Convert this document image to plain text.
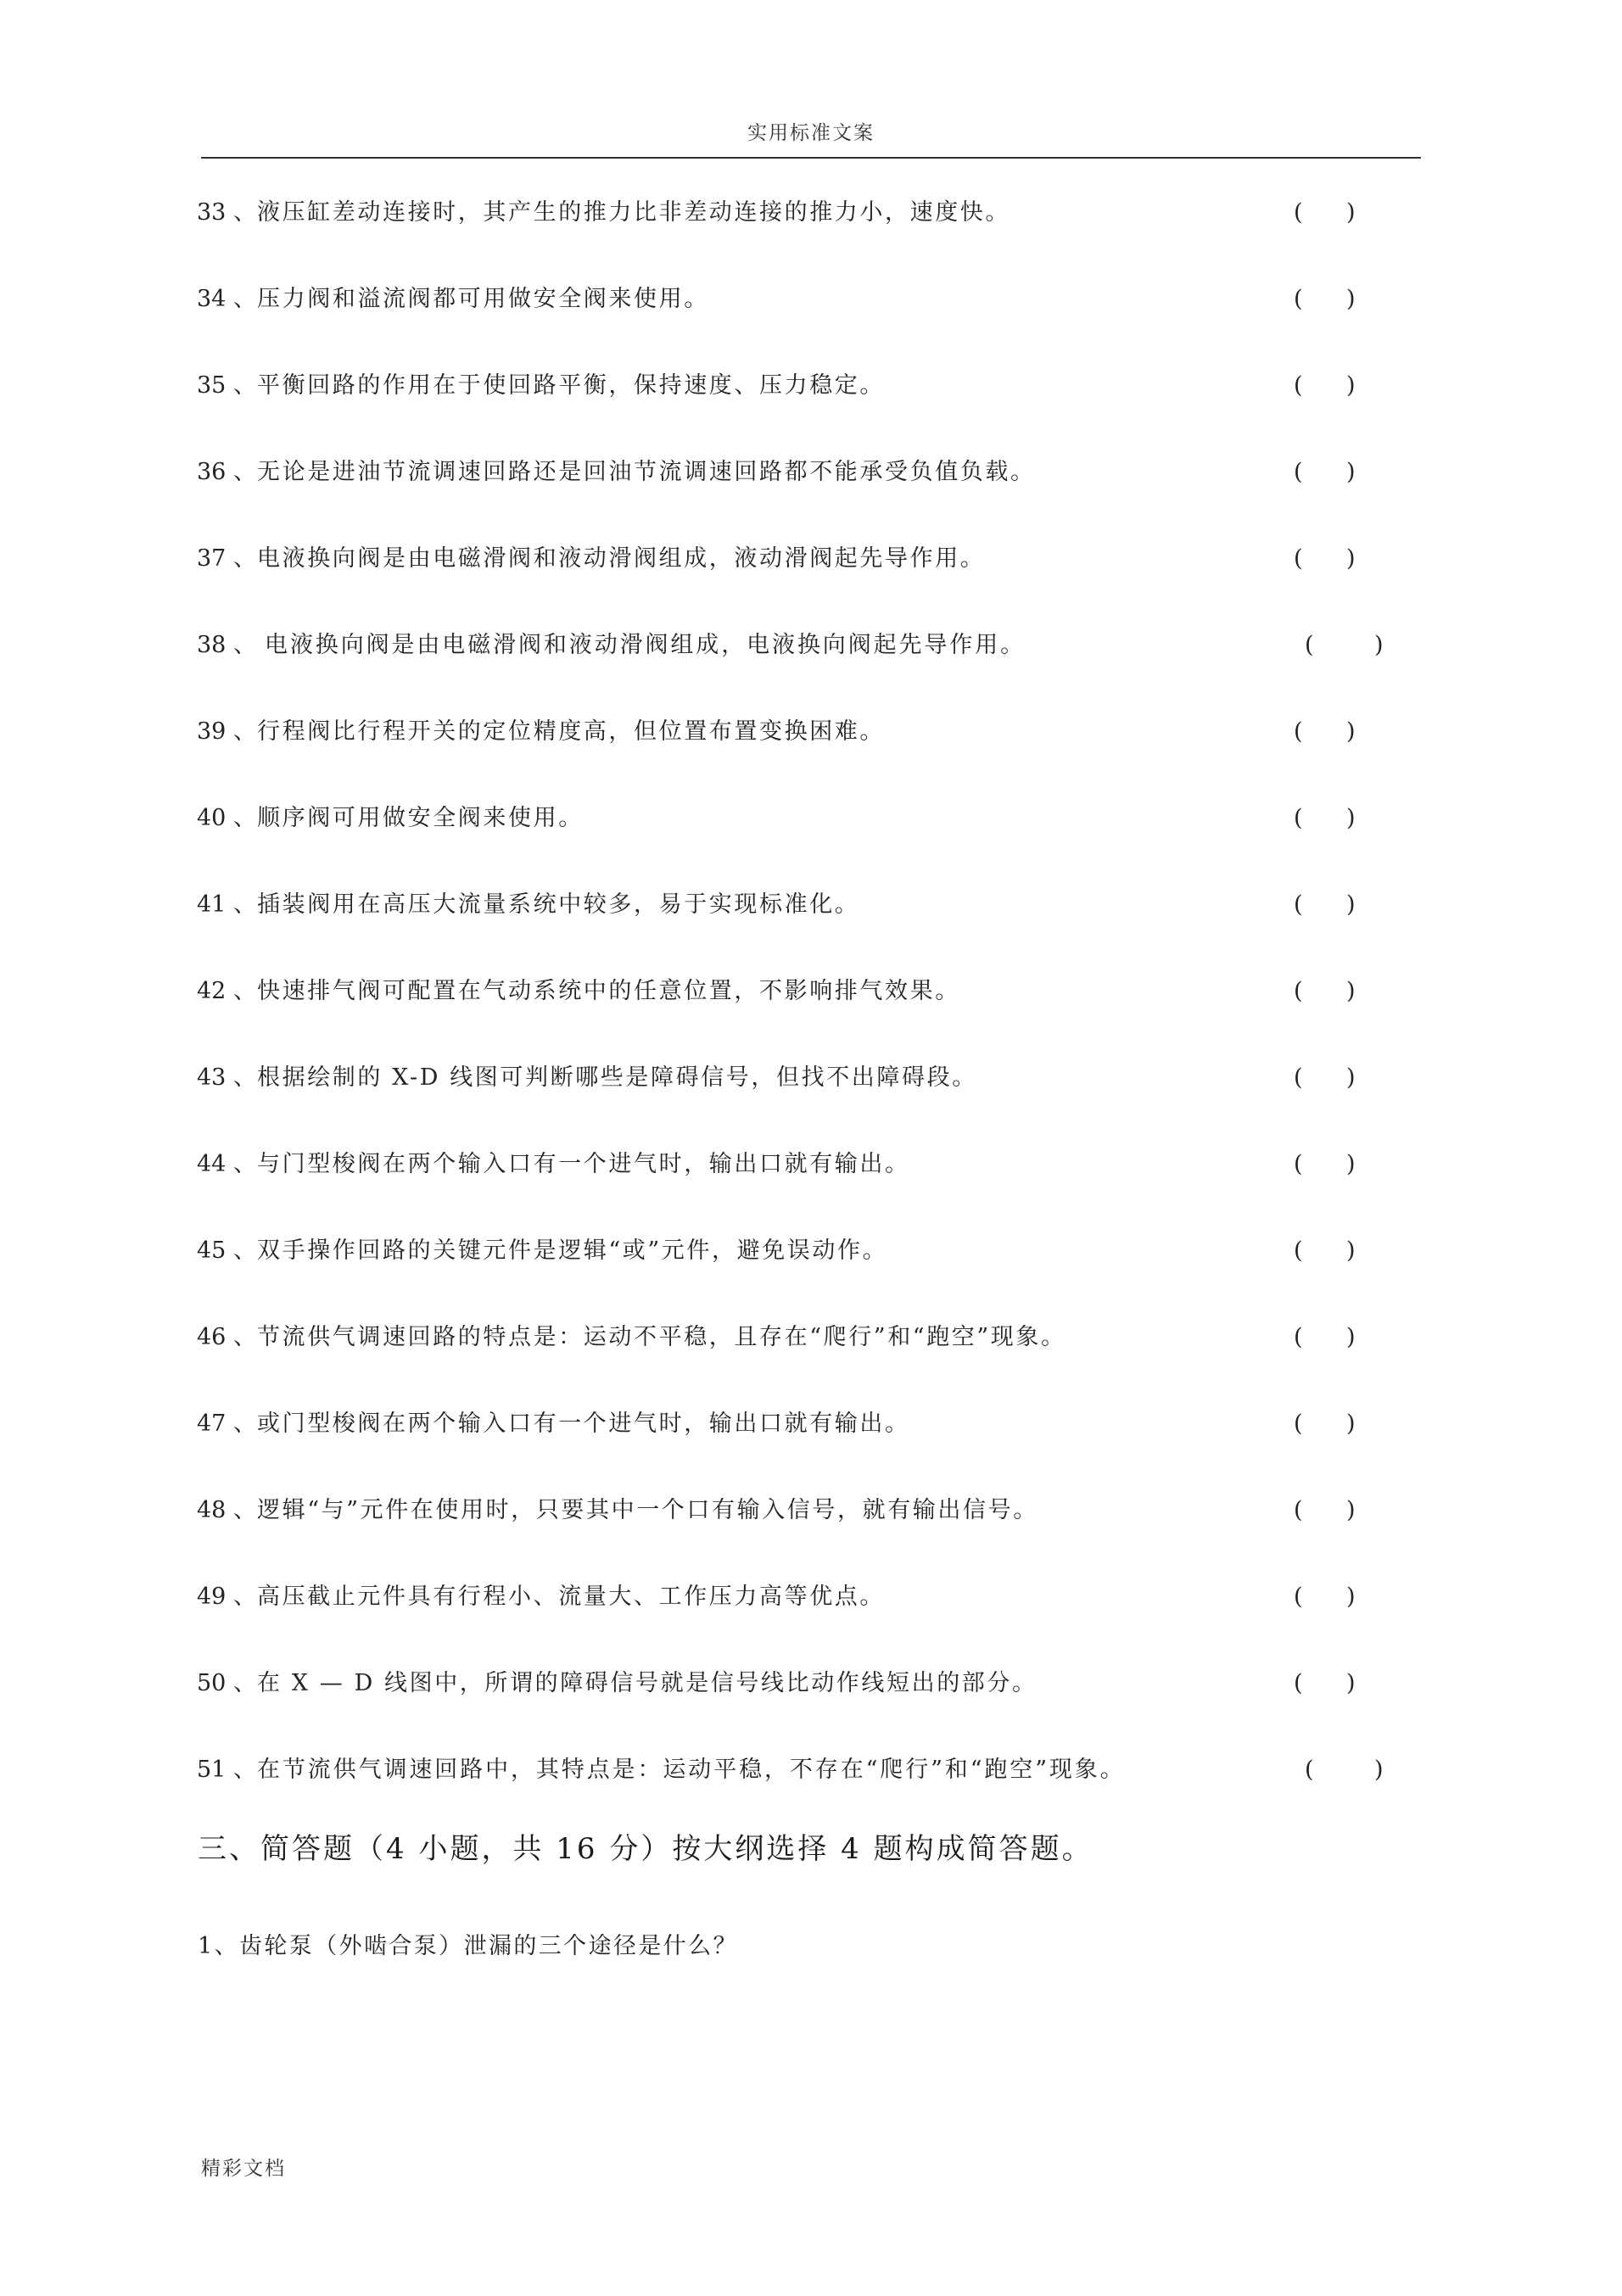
实用标准文案
33 、 液压缸差动连接时，其产生的推力比非差动连接的推力小，速度快。	( )
34 、 压力阀和溢流阀都可用做安全阀来使用。	( )
35 、 平衡回路的作用在于使回路平衡，保持速度、压力稳定。	( )
36 、 无论是进油节流调速回路还是回油节流调速回路都不能承受负值负载。	( )
37 、 电液换向阀是由电磁滑阀和液动滑阀组成，液动滑阀起先导作用。	( )
38 、 电液换向阀是由电磁滑阀和液动滑阀组成，电液换向阀起先导作用。	(	)
39 、 行程阀比行程开关的定位精度高，但位置布置变换困难。	( )
40 、 顺序阀可用做安全阀来使用。	( )
41 、 插装阀用在高压大流量系统中较多，易于实现标准化。	( )
42 、 快速排气阀可配置在气动系统中的任意位置，不影响排气效果。	( )
43 、 根据绘制的 X-D 线图可判断哪些是障碍信号，但找不出障碍段。	( )
44 、 与门型梭阀在两个输入口有一个进气时，输出口就有输出。	( )
45 、 双手操作回路的关键元件是逻辑“或”元件，避免误动作。	( )
46 、 节流供气调速回路的特点是：运动不平稳，且存在“爬行”和“跑空”现象。	( )
47 、 或门型梭阀在两个输入口有一个进气时，输出口就有输出。	( )
48 、 逻辑“与”元件在使用时，只要其中一个口有输入信号，就有输出信号。	( )
49 、 高压截止元件具有行程小、流量大、工作压力高等优点。	( )
50 、 在 X — D 线图中，所谓的障碍信号就是信号线比动作线短出的部分。	( )
51 、 在节流供气调速回路中，其特点是：运动平稳，不存在“爬行”和“跑空”现象。	(	)
三、简答题（4 小题，共 16 分）按大纲选择 4 题构成简答题。
1、齿轮泵（外啮合泵）泄漏的三个途径是什么？
精彩文档
